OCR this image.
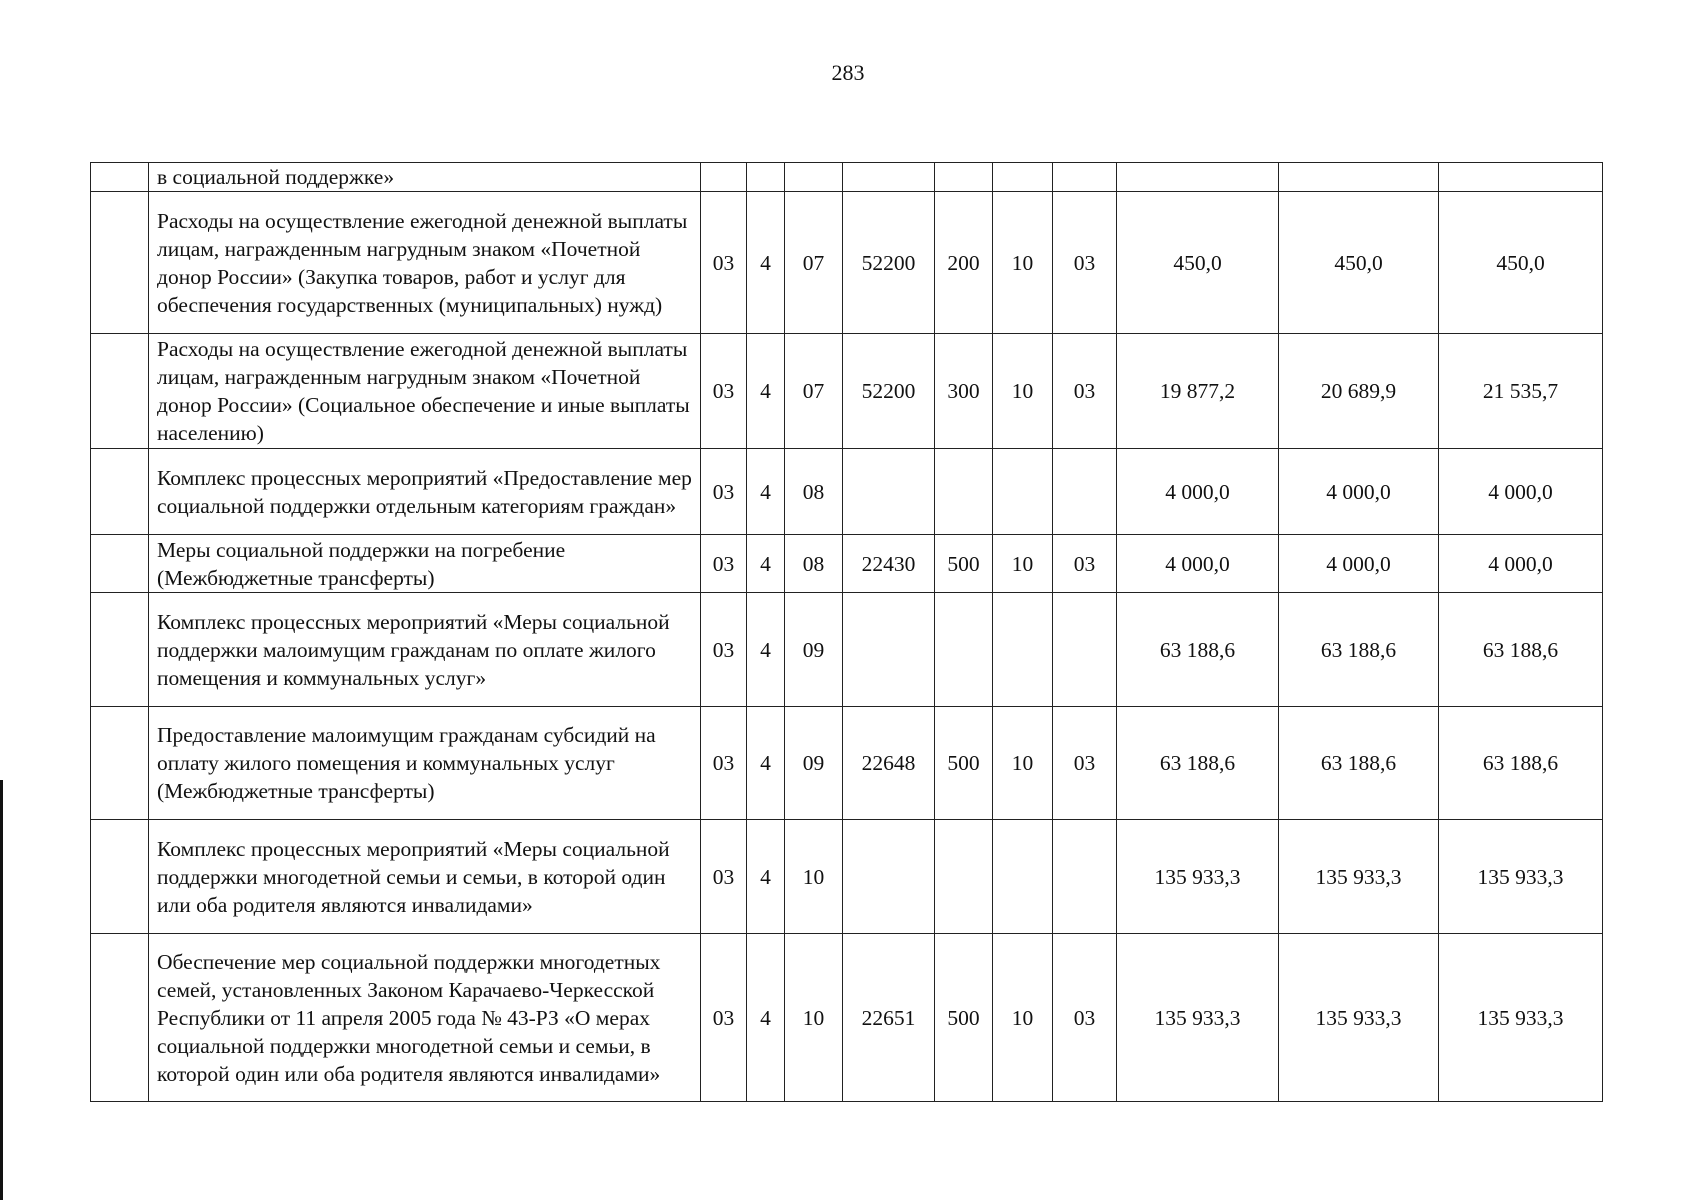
283
	в социальной поддержке»										
	Расходы на осуществление ежегодной денежной выплаты лицам, награжденным нагрудным знаком «Почетной донор России» (Закупка товаров, работ и услуг для обеспечения государственных (муниципальных) нужд)	03	4	07	52200	200	10	03	450,0	450,0	450,0
	Расходы на осуществление ежегодной денежной выплаты лицам, награжденным нагрудным знаком «Почетной донор России» (Социальное обеспечение и иные выплаты населению)	03	4	07	52200	300	10	03	19 877,2	20 689,9	21 535,7
	Комплекс процессных мероприятий «Предоставление мер социальной поддержки отдельным категориям граждан»	03	4	08					4 000,0	4 000,0	4 000,0
	Меры социальной поддержки на погребение (Межбюджетные трансферты)	03	4	08	22430	500	10	03	4 000,0	4 000,0	4 000,0
	Комплекс процессных мероприятий «Меры социальной поддержки малоимущим гражданам по оплате жилого помещения и коммунальных услуг»	03	4	09					63 188,6	63 188,6	63 188,6
	Предоставление малоимущим гражданам субсидий на оплату жилого помещения и коммунальных услуг (Межбюджетные трансферты)	03	4	09	22648	500	10	03	63 188,6	63 188,6	63 188,6
	Комплекс процессных мероприятий «Меры социальной поддержки многодетной семьи и семьи, в которой один или оба родителя являются инвалидами»	03	4	10					135 933,3	135 933,3	135 933,3
	Обеспечение мер социальной поддержки многодетных семей, установленных Законом Карачаево-Черкесской Республики от 11 апреля 2005 года № 43-РЗ «О мерах социальной поддержки многодетной семьи и семьи, в которой один или оба родителя являются инвалидами»	03	4	10	22651	500	10	03	135 933,3	135 933,3	135 933,3
